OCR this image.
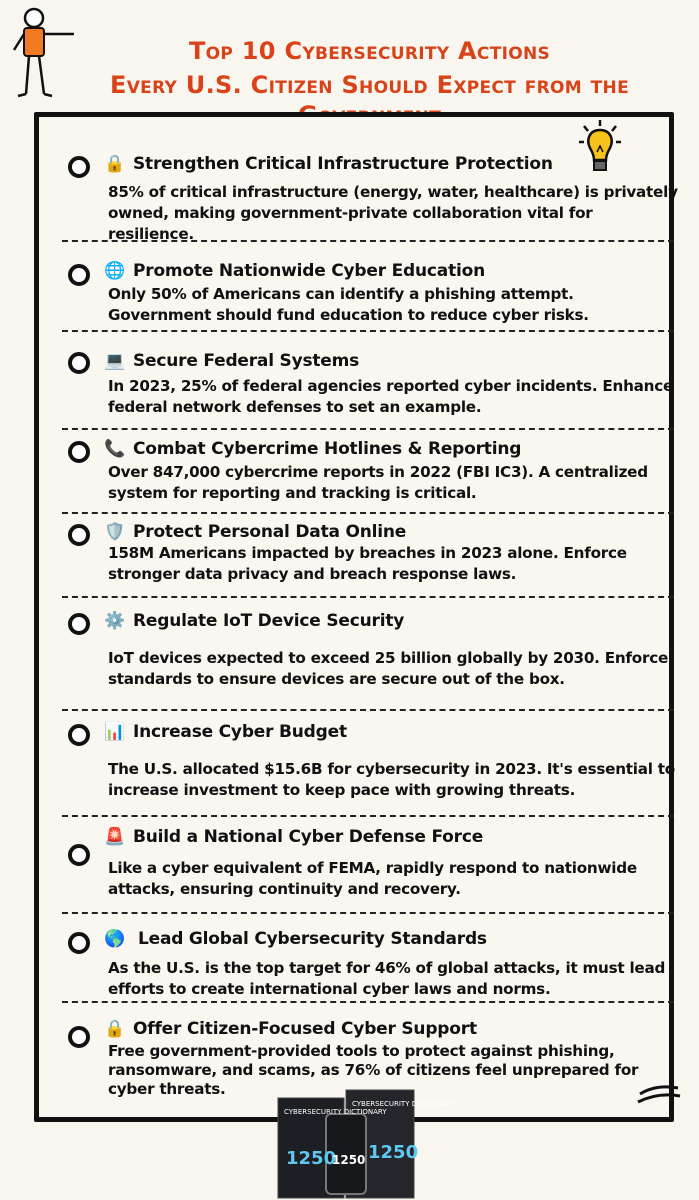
Top 10 Cybersecurity Actions
Every U.S. Citizen Should Expect from the
🔒 Strengthen Critical Infrastructure Protection
85% of critical infrastructure (energy, water, healthcare) is privately owned, making government-private collaboration vital for resilience.
🌐 Promote Nationwide Cyber Education
Only 50% of Americans can identify a phishing attempt. Government should fund education to reduce cyber risks.
💻 Secure Federal Systems
In 2023, 25% of federal agencies reported cyber incidents. Enhance federal network defenses to set an example.
📞 Combat Cybercrime Hotlines & Reporting
Over 847,000 cybercrime reports in 2022 (FBI IC3). A centralized system for reporting and tracking is critical.
🛡️ Protect Personal Data Online
158M Americans impacted by breaches in 2023 alone. Enforce stronger data privacy and breach response laws.
⚙️ Regulate IoT Device Security
IoT devices expected to exceed 25 billion globally by 2030. Enforce standards to ensure devices are secure out of the box.
📊 Increase Cyber Budget
The U.S. allocated $15.6B for cybersecurity in 2023. It's essential to increase investment to keep pace with growing threats.
🚨 Build a National Cyber Defense Force
Like a cyber equivalent of FEMA, rapidly respond to nationwide attacks, ensuring continuity and recovery.
🌎 Lead Global Cybersecurity Standards
As the U.S. is the top target for 46% of global attacks, it must lead efforts to create international cyber laws and norms.
🔒 Offer Citizen-Focused Cyber Support
Free government-provided tools to protect against phishing, ransomware, and scams, as 76% of citizens feel unprepared for cyber threats.
CYBERSECURITY DICTIONARY
CYBERSECURITY DICTIONARY
1250
1250 1250
